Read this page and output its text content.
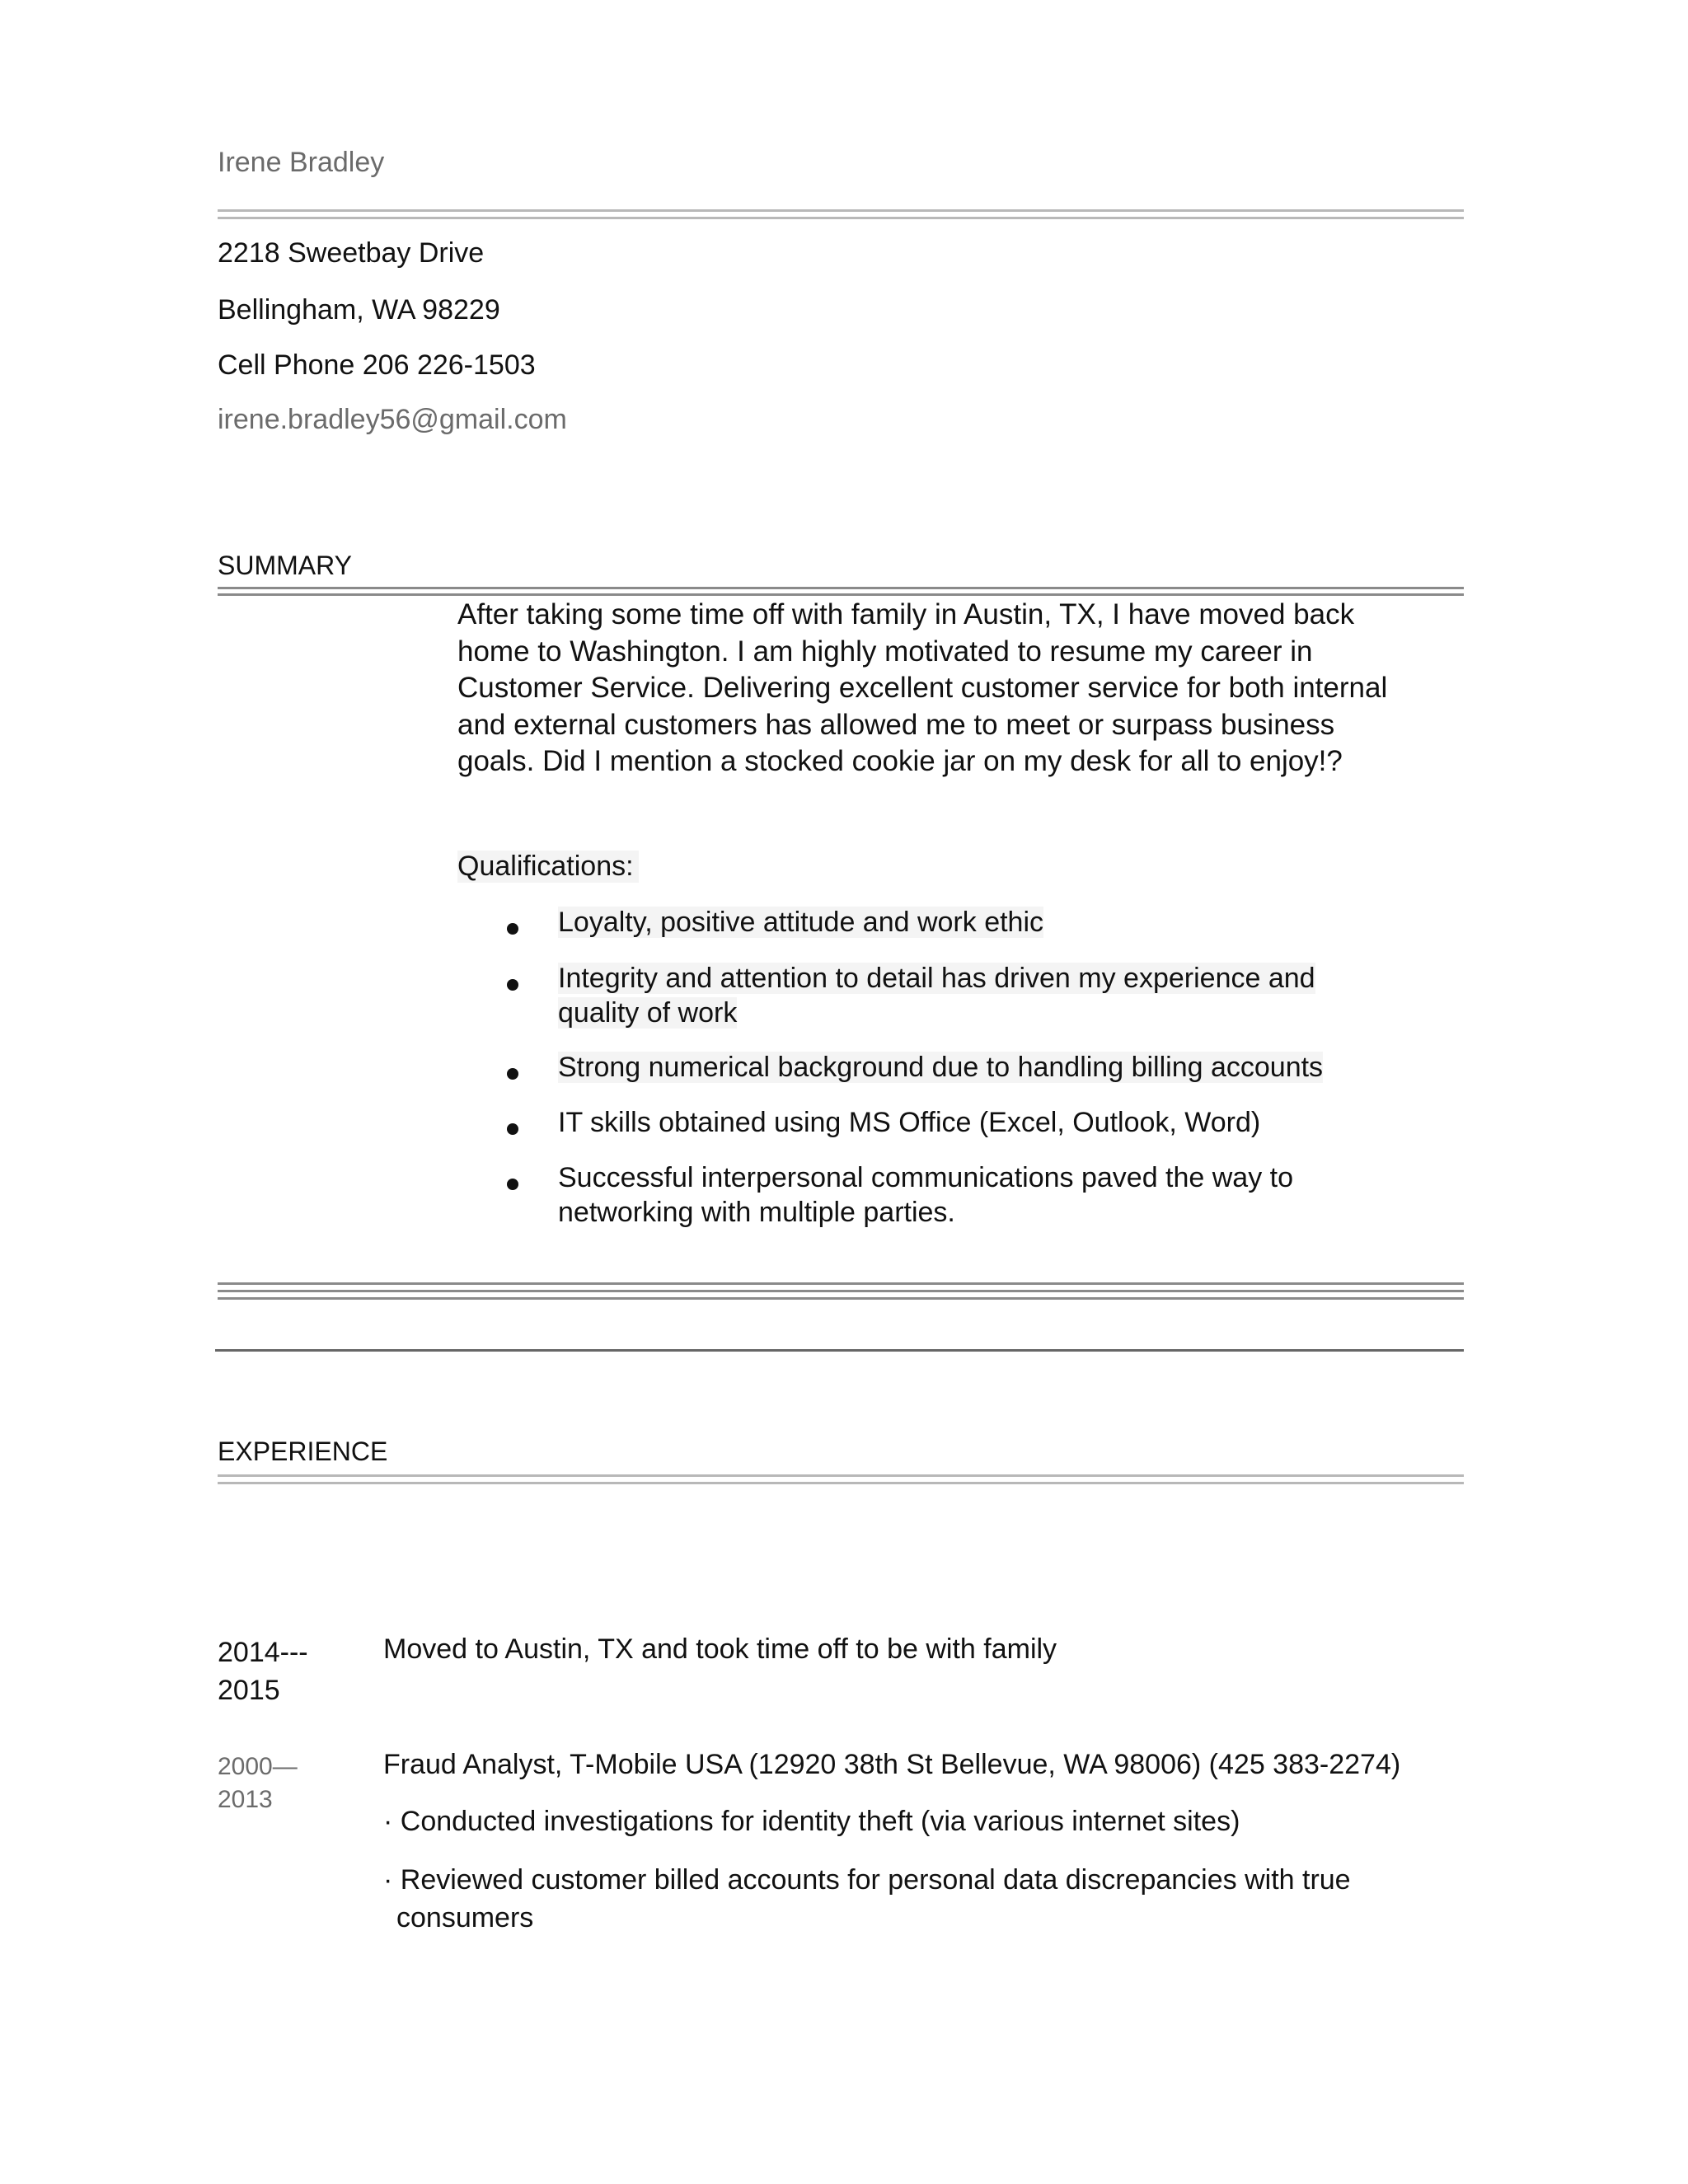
Irene Bradley
2218 Sweetbay Drive
Bellingham, WA 98229
Cell Phone 206 226-1503
irene.bradley56@gmail.com
SUMMARY
After taking some time off with family in Austin, TX, I have moved back
home to Washington. I am highly motivated to resume my career in
Customer Service. Delivering excellent customer service for both internal
and external customers has allowed me to meet or surpass business
goals. Did I mention a stocked cookie jar on my desk for all to enjoy!?
Qualifications:
Loyalty, positive attitude and work ethic
Integrity and attention to detail has driven my experience and
quality of work
Strong numerical background due to handling billing accounts
IT skills obtained using MS Office (Excel, Outlook, Word)
Successful interpersonal communications paved the way to
networking with multiple parties.
EXPERIENCE
2014---
2015
Moved to Austin, TX and took time off to be with family
2000—
2013
Fraud Analyst, T-Mobile USA (12920 38th St Bellevue, WA 98006) (425 383-2274)
· Conducted investigations for identity theft (via various internet sites)
· Reviewed customer billed accounts for personal data discrepancies with true
consumers
